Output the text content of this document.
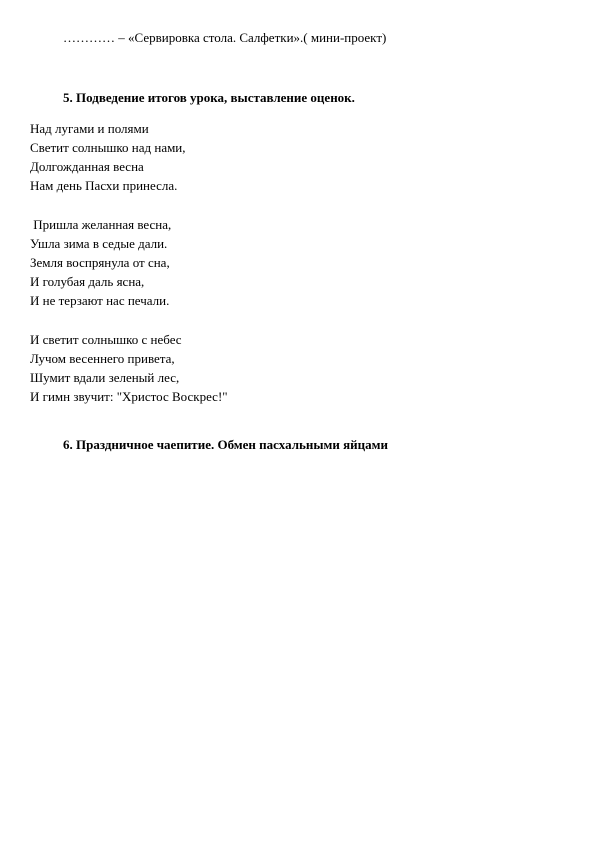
………… – «Сервировка стола. Салфетки».( мини-проект)
5. Подведение итогов урока, выставление оценок.
Над лугами и полями
Светит солнышко над нами,
Долгожданная весна
Нам день Пасхи принесла.
Пришла желанная весна,
Ушла зима в седые дали.
Земля воспрянула от сна,
И голубая даль ясна,
И не терзают нас печали.
И светит солнышко с небес
Лучом весеннего привета,
Шумит вдали зеленый лес,
И гимн звучит: "Христос Воскрес!"
6. Праздничное чаепитие. Обмен пасхальными яйцами
